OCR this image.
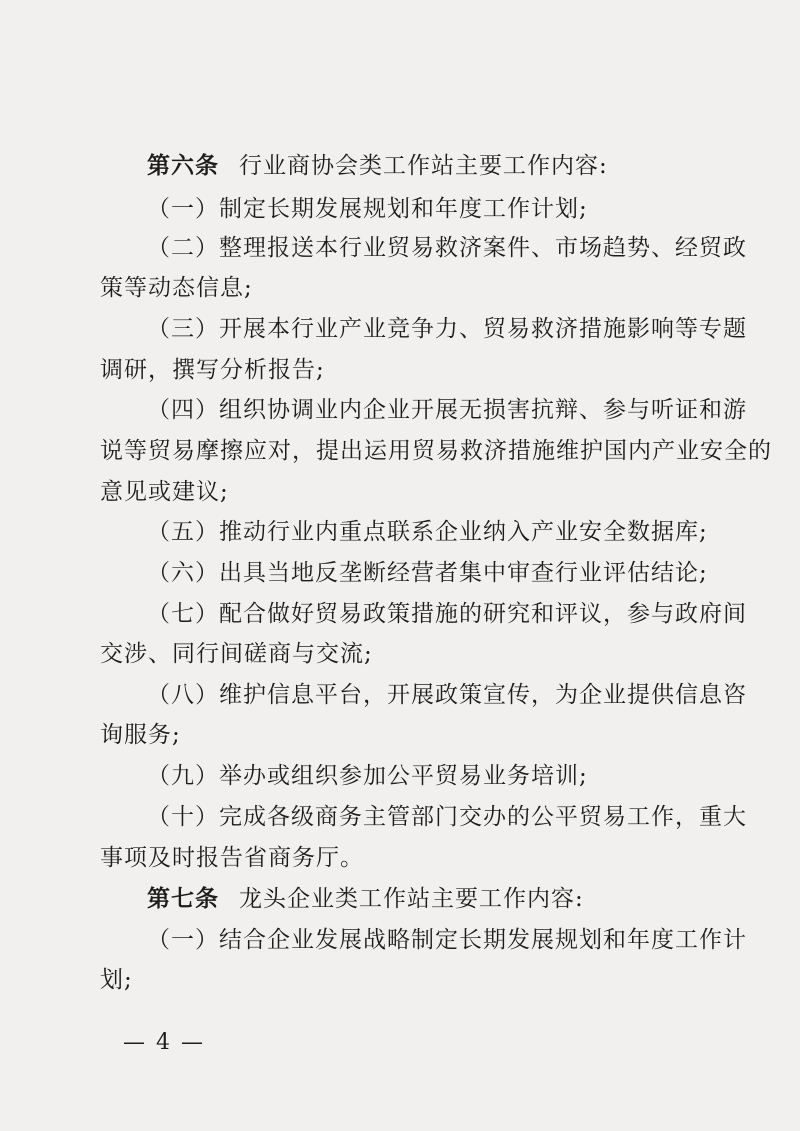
第六条 行业商协会类工作站主要工作内容:
（一）制定长期发展规划和年度工作计划;
（二）整理报送本行业贸易救济案件、市场趋势、经贸政
策等动态信息;
（三）开展本行业产业竞争力、贸易救济措施影响等专题
调研，撰写分析报告;
（四）组织协调业内企业开展无损害抗辩、参与听证和游
说等贸易摩擦应对，提出运用贸易救济措施维护国内产业安全的
意见或建议;
（五）推动行业内重点联系企业纳入产业安全数据库;
（六）出具当地反垄断经营者集中审查行业评估结论;
（七）配合做好贸易政策措施的研究和评议，参与政府间
交涉、同行间磋商与交流;
（八）维护信息平台，开展政策宣传，为企业提供信息咨
询服务;
（九）举办或组织参加公平贸易业务培训;
（十）完成各级商务主管部门交办的公平贸易工作，重大
事项及时报告省商务厅。
第七条 龙头企业类工作站主要工作内容:
（一）结合企业发展战略制定长期发展规划和年度工作计
划;
— 4 —
